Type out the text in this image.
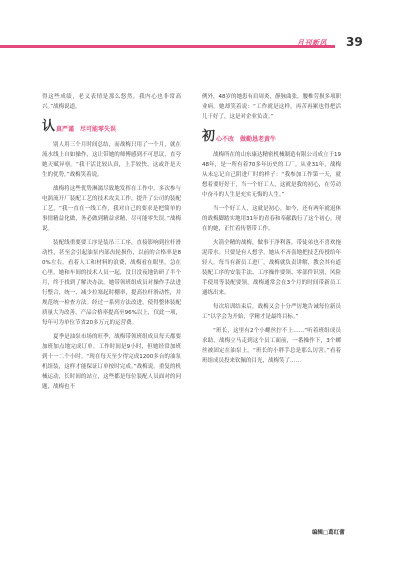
月刊新风 39

得这些成绩，老义表情是那么悠然，我内心也非常高兴。”战梅说道。

认 真严谨　尽可能零失误

别人用三个月时间总结，而战梅只用了一个月，就在流水线上自如操作，这让带她的师傅感到不可思议，直夸她天赋异禀。“我干活比较认真，上手较快，这或许是天生的优势。”战梅笑着说。

战梅将这些优势淋漓尽致地发挥在工作中，多次参与电涡流开厂装配工艺的技术攻关工作，提升了公司的装配工艺。“我一直在一线工作，我对自己的要求是把简单的事情精益化做，务必做到精益求精，尽可能零失误。”战梅说。

装配线重要要工序是装吊三工序，直接影响到拉杆滑动性，甚至会引起油泵内部齿轮损伤，以前的合格率是80%左右。看着人工和材料的浪费，战梅看在眼里，急在心里。她和车间的技术人员一起，没日没夜地钻研了半个月，终于找到了解决办法。她带领班组成员对操作手法进行整合，统一、减少拉塞起时棚率，提高拉杆滑动性，并规范统一检查方法。经过一系列方法改进，使得整体装配质量大为改善，产品合格率提高至96%以上，仅此一项，每年可为单位节省20多万元的运营费。

夏季是油泵市场的旺季，战梅带领班组成员每天都要加班加点地完成订单。工作时间是9小时，但她经常加班到十一二个小时。“现在每天至少得完成1200多台的油泵机组装，这样才能保证订单按时完成。”战梅说。重复的机械运动，长时间的站立，这些都是每位装配人员面对的问题，战梅也不

例外，48岁的她患有肩周炎，静脉曲张，腰椎劳损多项职业病。她却笑着说：“工作就是这样，再苦再累也得把活儿干好了，这是对企业负责。”

初 心不改　做勤恳老黄牛

战梅所在的山东康达精密机械制造有限公司成立于1948年，是一所有着70多年历史的工厂。从业31年，战梅从未忘记自己阴进厂时的样子：“我参加工作第一天，就想着要好好干，当一个好工人，这就是我的初心，在劳动中奋斗的人生是充实无悔的人生。”

当一个好工人，这就是初心。如今，还有两年就退休的战梅脚踏实地用31年的青春和奉献践行了这个初心。现在的她，正忙着传帮带工作。

火箭全精的战梅，做事干净利落，带徒弟也不喜欢拖泥带水。只要是有人想学，她从不吝啬地把技艺传授给年轻人。每当有新员工进厂，战梅就负责讲解，教会其有道装配工序的安装手法、工序操作要领、零部件识别，风险手使用等装配要领，战梅通常会在3个月的时间带新员工通练出来。

每次培训结束后，战梅又会十分严厉地告诫每位新员工“以学会为开始，学精才是最终目标。”

“班长，这里有2个小螺丝拧不上……”听着班组成员求助，战梅立马走到这个员工面前，一番操作下，3个螺丝被固定在油泵上。“班长的小胖手总是那么厉害。”看着班组成员投来钦佩的目光，战梅笑了……

编辑□葛红蕾
